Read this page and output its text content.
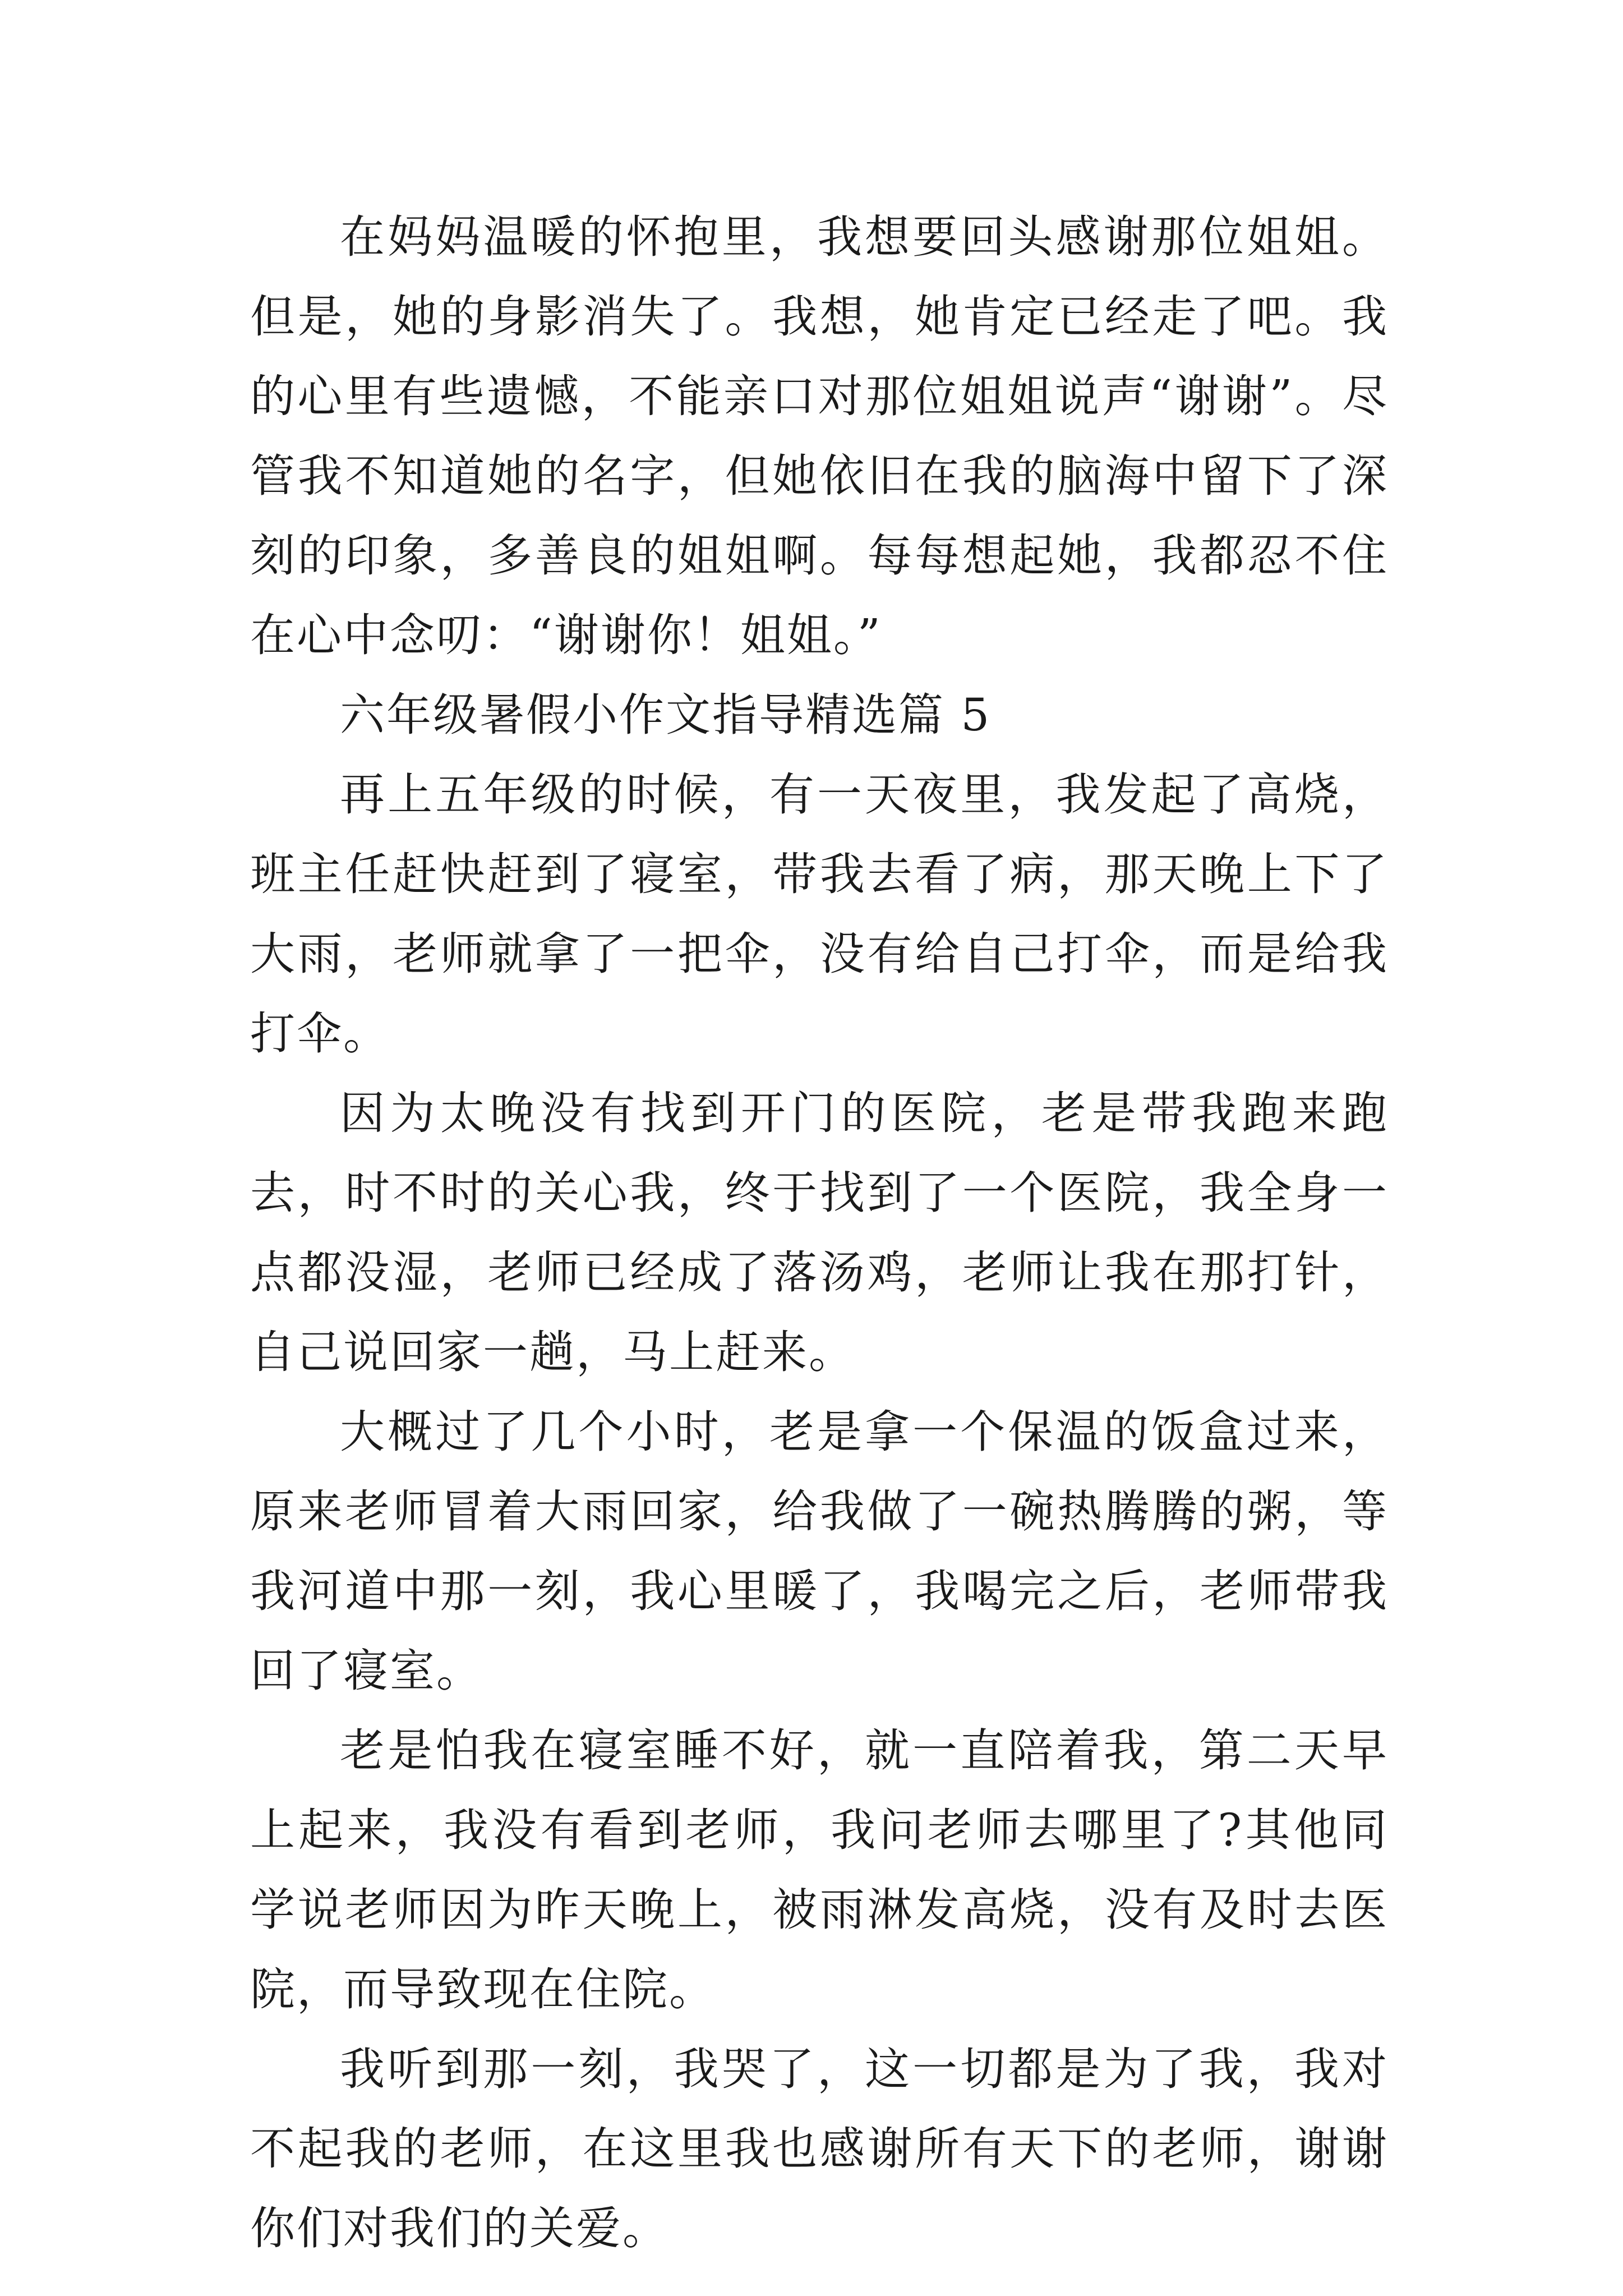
在妈妈温暖的怀抱里，我想要回头感谢那位姐姐。但是，她的身影消失了。我想，她肯定已经走了吧。我的心里有些遗憾，不能亲口对那位姐姐说声“谢谢”。尽管我不知道她的名字，但她依旧在我的脑海中留下了深刻的印象，多善良的姐姐啊。每每想起她，我都忍不住在心中念叨：“谢谢你！姐姐。”

六年级暑假小作文指导精选篇 5

再上五年级的时候，有一天夜里，我发起了高烧，班主任赶快赶到了寝室，带我去看了病，那天晚上下了大雨，老师就拿了一把伞，没有给自己打伞，而是给我打伞。

因为太晚没有找到开门的医院，老是带我跑来跑去，时不时的关心我，终于找到了一个医院，我全身一点都没湿，老师已经成了落汤鸡，老师让我在那打针，自己说回家一趟，马上赶来。

大概过了几个小时，老是拿一个保温的饭盒过来，原来老师冒着大雨回家，给我做了一碗热腾腾的粥，等我河道中那一刻，我心里暖了，我喝完之后，老师带我回了寝室。

老是怕我在寝室睡不好，就一直陪着我，第二天早上起来，我没有看到老师，我问老师去哪里了?其他同学说老师因为昨天晚上，被雨淋发高烧，没有及时去医院，而导致现在住院。

我听到那一刻，我哭了，这一切都是为了我，我对不起我的老师，在这里我也感谢所有天下的老师，谢谢你们对我们的关爱。
